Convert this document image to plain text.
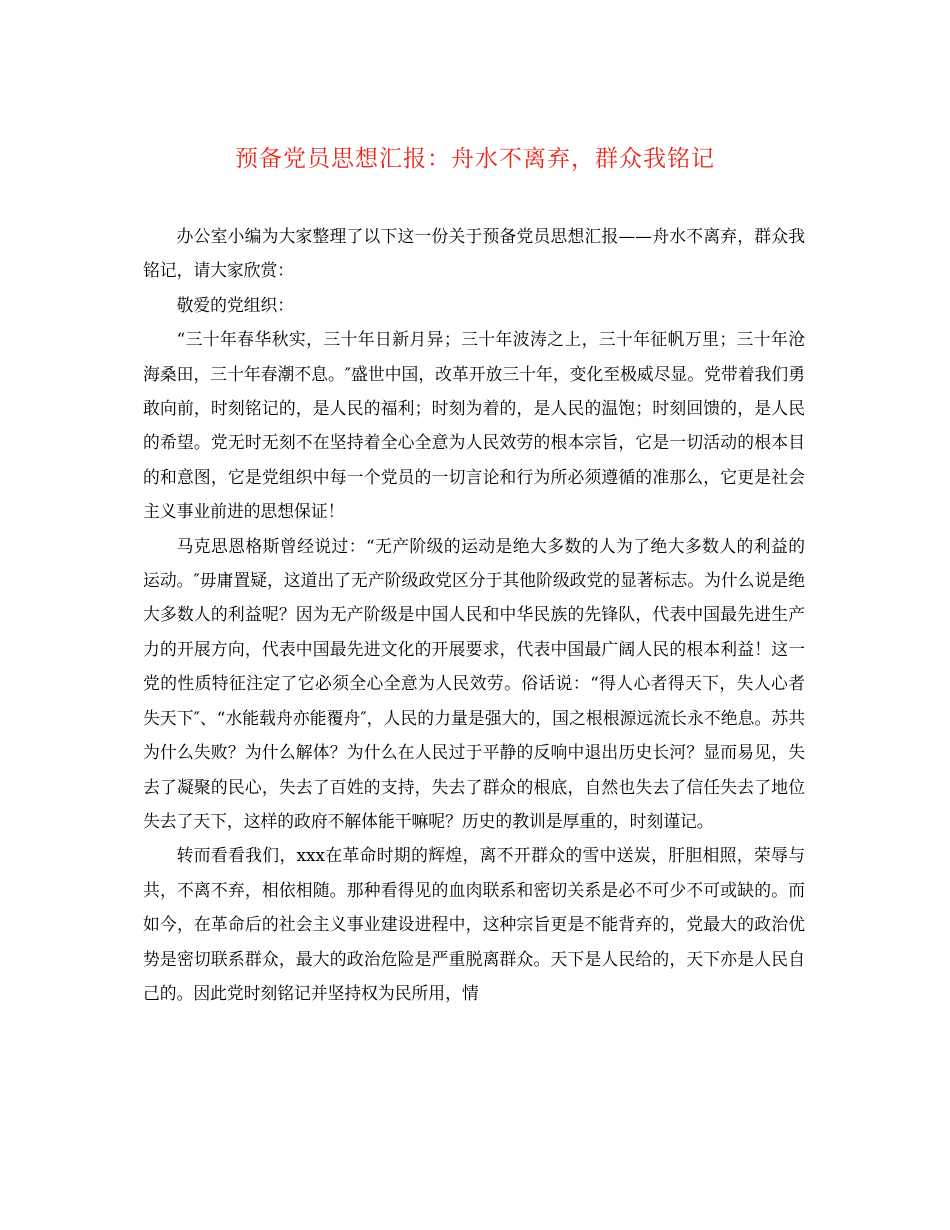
预备党员思想汇报：舟水不离弃，群众我铭记

办公室小编为大家整理了以下这一份关于预备党员思想汇报——舟水不离弃，群众我铭记，请大家欣赏：

敬爱的党组织：

“三十年春华秋实，三十年日新月异；三十年波涛之上，三十年征帆万里；三十年沧海桑田，三十年春潮不息。″盛世中国，改革开放三十年，变化至极威尽显。党带着我们勇敢向前，时刻铭记的，是人民的福利；时刻为着的，是人民的温饱；时刻回馈的，是人民的希望。党无时无刻不在坚持着全心全意为人民效劳的根本宗旨，它是一切活动的根本目的和意图，它是党组织中每一个党员的一切言论和行为所必须遵循的准那么，它更是社会主义事业前进的思想保证！

马克思恩格斯曾经说过：“无产阶级的运动是绝大多数的人为了绝大多数人的利益的运动。″毋庸置疑，这道出了无产阶级政党区分于其他阶级政党的显著标志。为什么说是绝大多数人的利益呢？因为无产阶级是中国人民和中华民族的先锋队，代表中国最先进生产力的开展方向，代表中国最先进文化的开展要求，代表中国最广阔人民的根本利益！这一党的性质特征注定了它必须全心全意为人民效劳。俗话说：“得人心者得天下，失人心者失天下″、“水能载舟亦能覆舟″，人民的力量是强大的，国之根根源远流长永不绝息。苏共为什么失败？为什么解体？为什么在人民过于平静的反响中退出历史长河？显而易见，失去了凝聚的民心，失去了百姓的支持，失去了群众的根底，自然也失去了信任失去了地位失去了天下，这样的政府不解体能干嘛呢？历史的教训是厚重的，时刻谨记。

转而看看我们，xxx在革命时期的辉煌，离不开群众的雪中送炭，肝胆相照，荣辱与共，不离不弃，相依相随。那种看得见的血肉联系和密切关系是必不可少不可或缺的。而如今，在革命后的社会主义事业建设进程中，这种宗旨更是不能背弃的，党最大的政治优势是密切联系群众，最大的政治危险是严重脱离群众。天下是人民给的，天下亦是人民自己的。因此党时刻铭记并坚持权为民所用，情
